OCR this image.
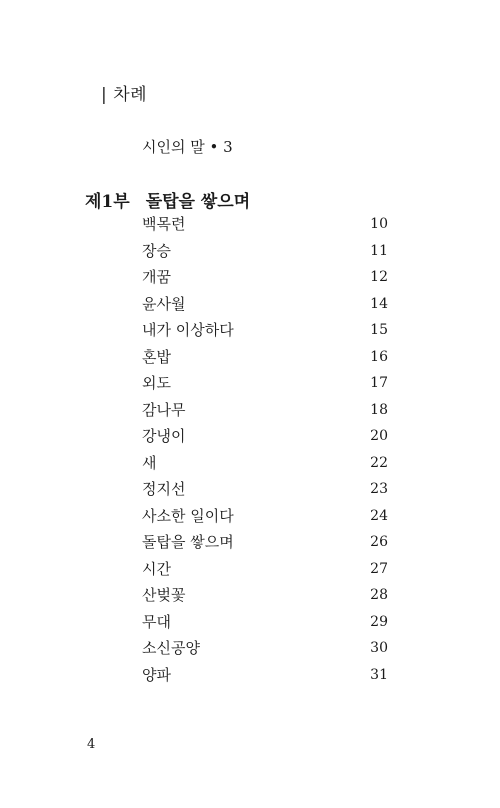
| 차례
시인의 말 • 3
제1부 돌탑을 쌓으며
백목련	10
장승	11
개꿈	12
윤사월	14
내가 이상하다	15
혼밥	16
외도	17
감나무	18
강냉이	20
새	22
정지선	23
사소한 일이다	24
돌탑을 쌓으며	26
시간	27
산벚꽃	28
무대	29
소신공양	30
양파	31
4
